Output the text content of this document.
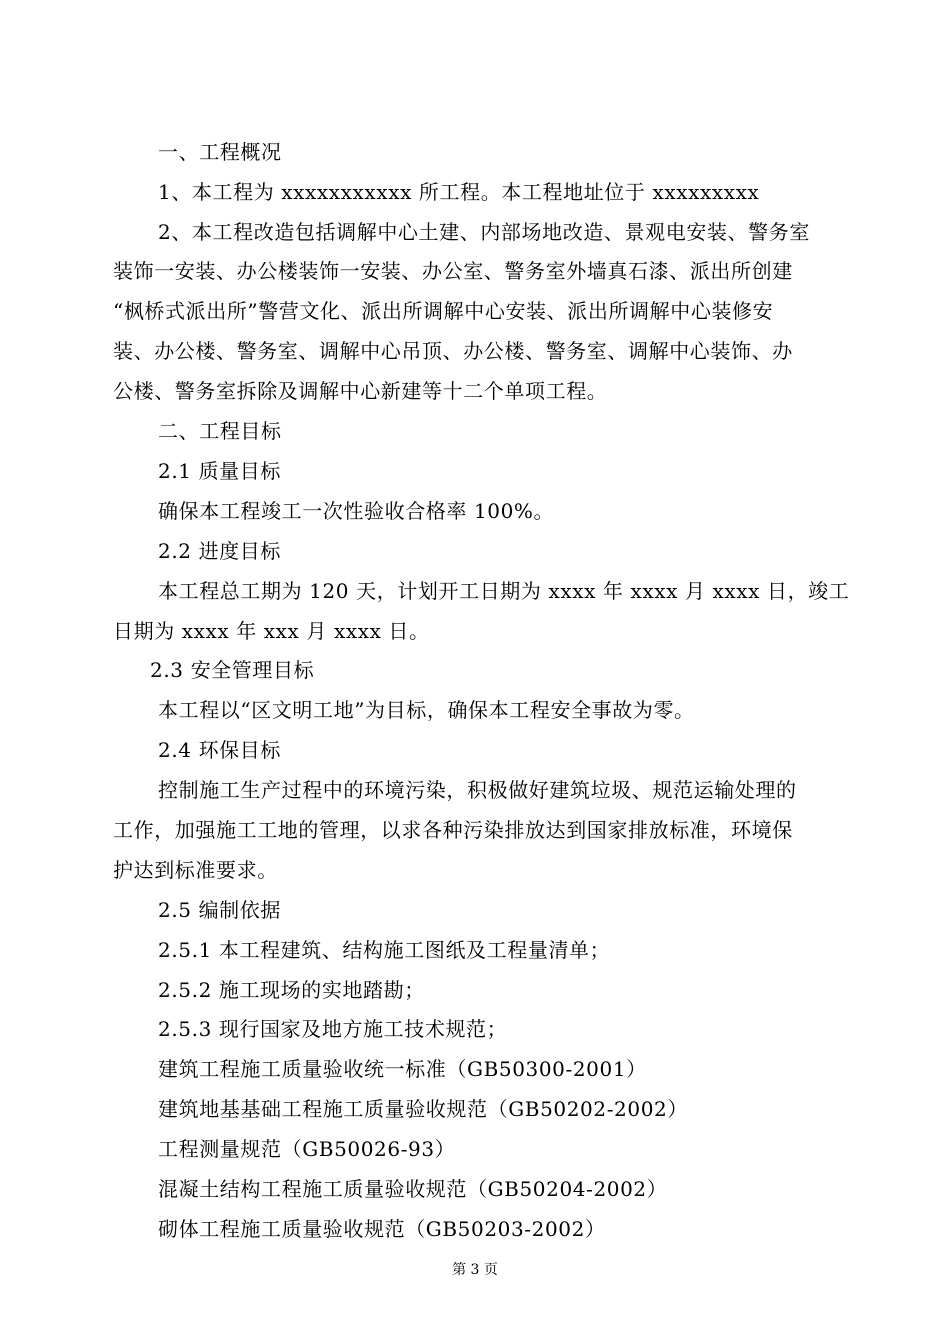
一、工程概况
1、本工程为 xxxxxxxxxxx 所工程。本工程地址位于 xxxxxxxxx
2、本工程改造包括调解中心土建、内部场地改造、景观电安装、警务室
装饰一安装、办公楼装饰一安装、办公室、警务室外墙真石漆、派出所创建
“枫桥式派出所”警营文化、派出所调解中心安装、派出所调解中心装修安
装、办公楼、警务室、调解中心吊顶、办公楼、警务室、调解中心装饰、办
公楼、警务室拆除及调解中心新建等十二个单项工程。
二、工程目标
2.1 质量目标
确保本工程竣工一次性验收合格率 100%。
2.2 进度目标
本工程总工期为 120 天，计划开工日期为 xxxx 年 xxxx 月 xxxx 日，竣工
日期为 xxxx 年 xxx 月 xxxx 日。
2.3 安全管理目标
本工程以“区文明工地”为目标，确保本工程安全事故为零。
2.4 环保目标
控制施工生产过程中的环境污染，积极做好建筑垃圾、规范运输处理的
工作，加强施工工地的管理，以求各种污染排放达到国家排放标准，环境保
护达到标准要求。
2.5 编制依据
2.5.1 本工程建筑、结构施工图纸及工程量清单；
2.5.2 施工现场的实地踏勘；
2.5.3 现行国家及地方施工技术规范；
建筑工程施工质量验收统一标准（GB50300-2001）
建筑地基基础工程施工质量验收规范（GB50202-2002）
工程测量规范（GB50026-93）
混凝土结构工程施工质量验收规范（GB50204-2002）
砌体工程施工质量验收规范（GB50203-2002）
第 3 页
